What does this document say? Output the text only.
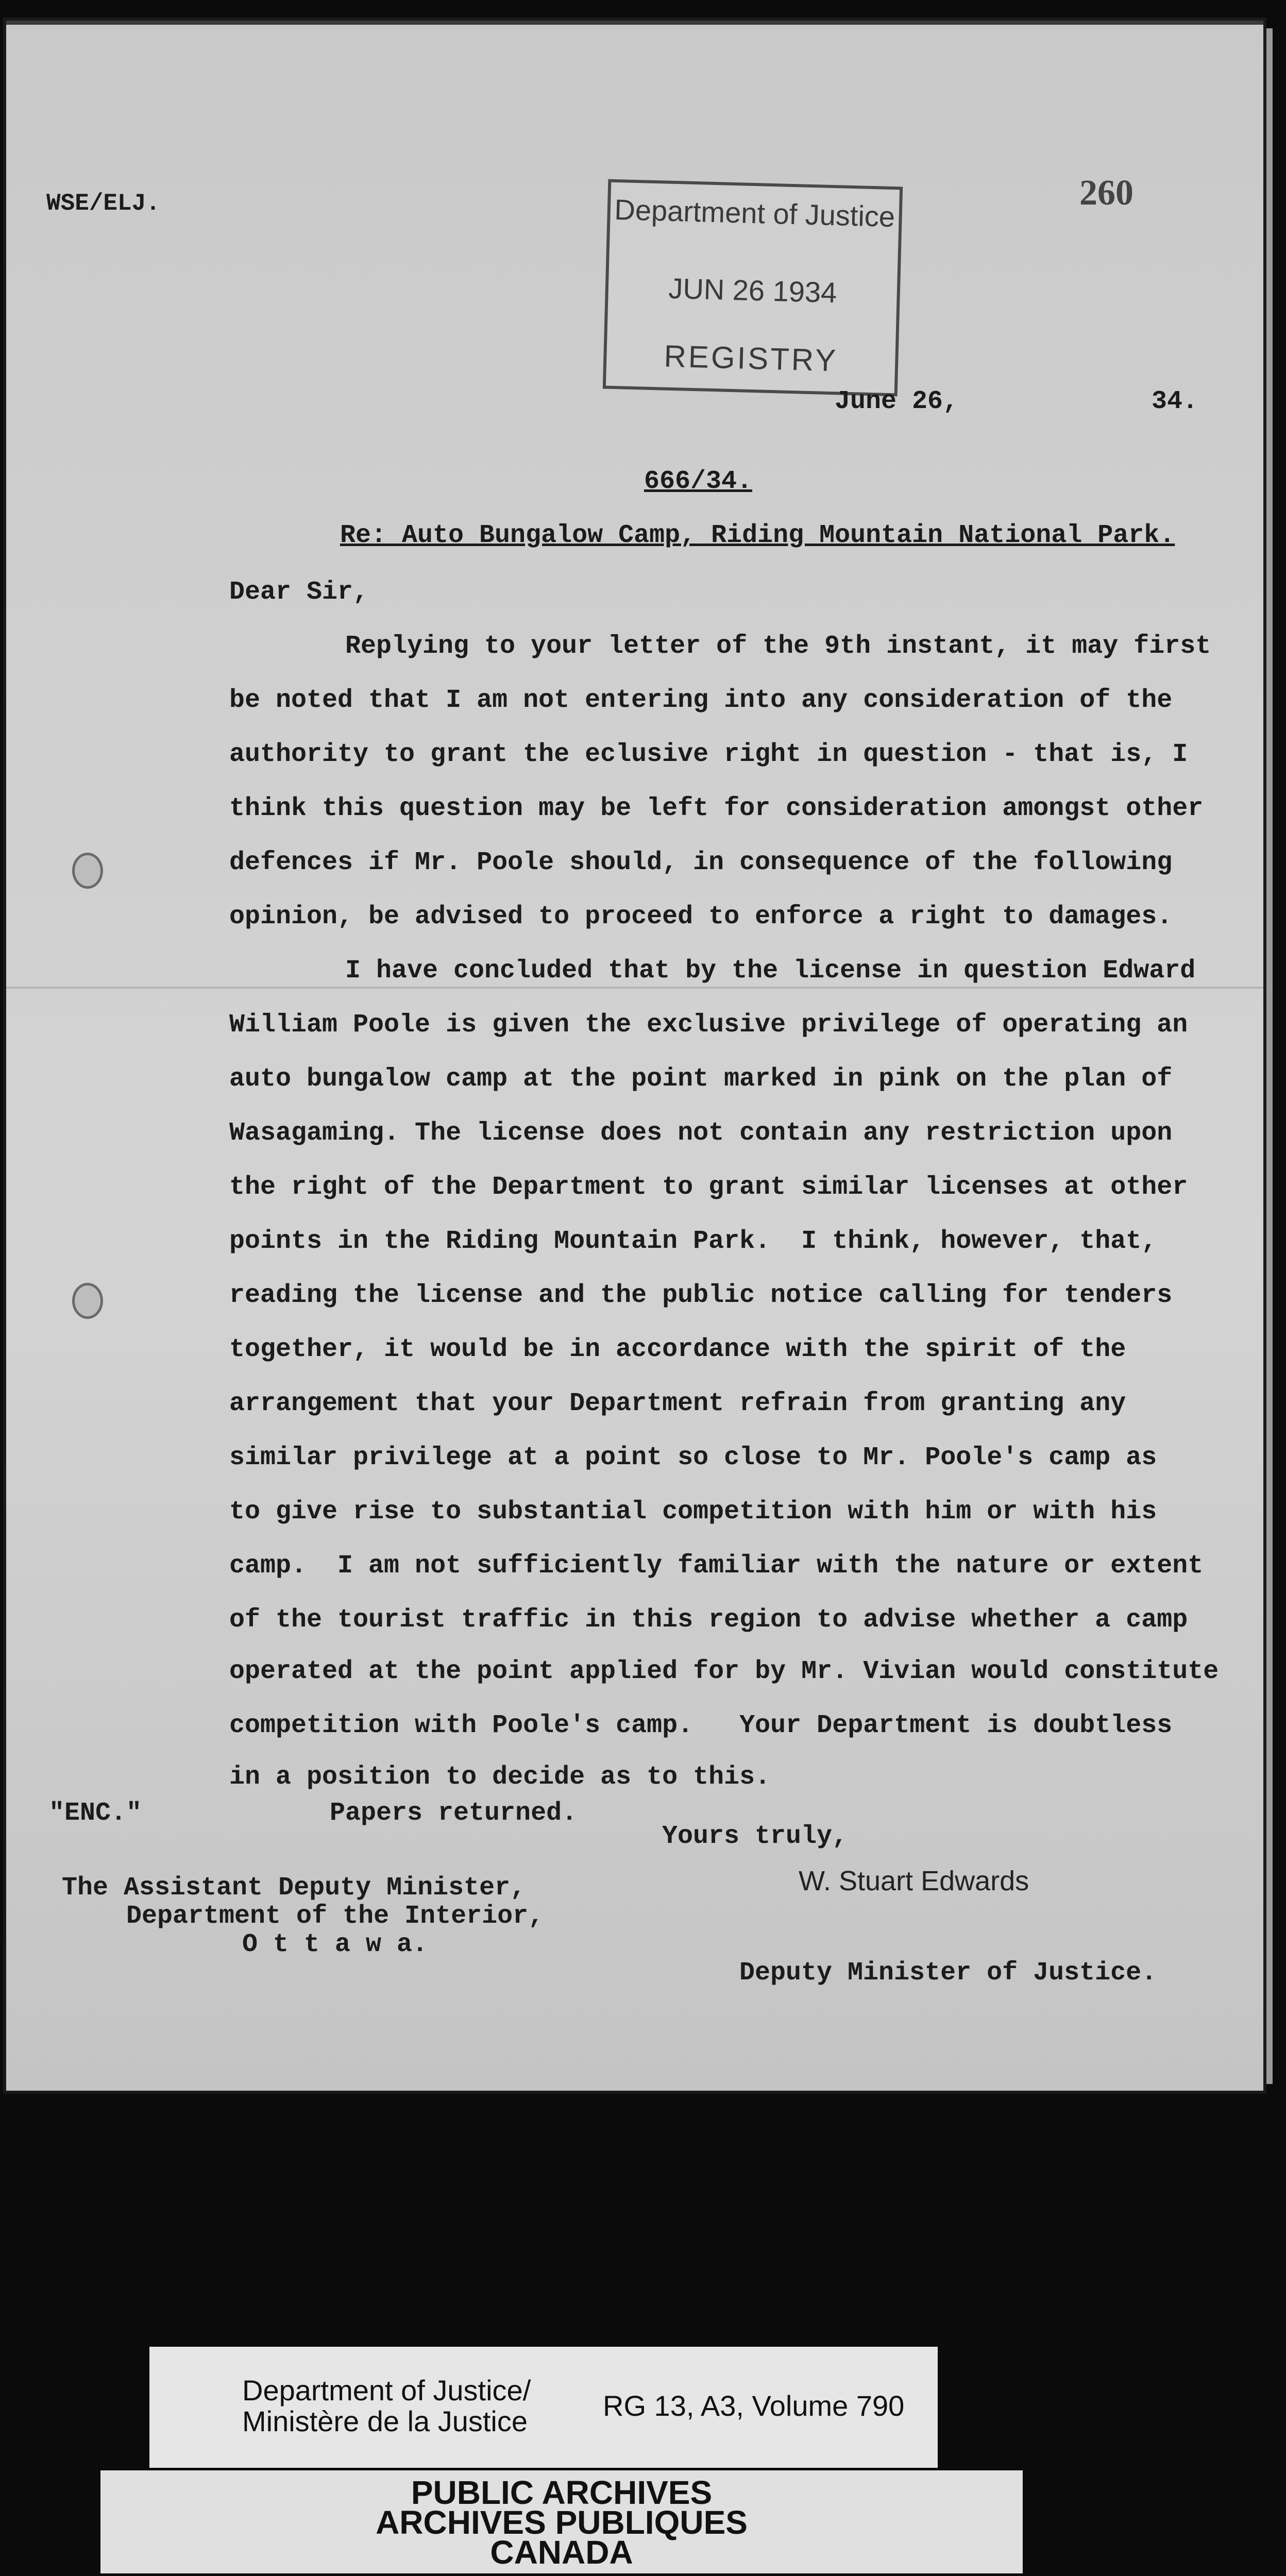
WSE/ELJ.	Department of Justice
JUN 26 1934
REGISTRY
260
June 26,	34.
666/34.
Re: Auto Bungalow Camp, Riding Mountain National Park.
Dear Sir,
Replying to your letter of the 9th instant, it may first
be noted that I am not entering into any consideration of the
authority to grant the eclusive right in question - that is, I
think this question may be left for consideration amongst other
defences if Mr. Poole should, in consequence of the following
opinion, be advised to proceed to enforce a right to damages.
I have concluded that by the license in question Edward
William Poole is given the exclusive privilege of operating an
auto bungalow camp at the point marked in pink on the plan of
Wasagaming. The license does not contain any restriction upon
the right of the Department to grant similar licenses at other
points in the Riding Mountain Park.  I think, however, that,
reading the license and the public notice calling for tenders
together, it would be in accordance with the spirit of the
arrangement that your Department refrain from granting any
similar privilege at a point so close to Mr. Poole's camp as
to give rise to substantial competition with him or with his
camp.  I am not sufficiently familiar with the nature or extent
of the tourist traffic in this region to advise whether a camp
operated at the point applied for by Mr. Vivian would constitute
competition with Poole's camp.   Your Department is doubtless
in a position to decide as to this.
"ENC."	Papers returned.
Yours truly,
W. Stuart Edwards
The Assistant Deputy Minister,
Department of the Interior,
O t t a w a.
Deputy Minister of Justice.
Department of Justice/
Ministère de la Justice	RG 13, A3, Volume 790
PUBLIC ARCHIVES
ARCHIVES PUBLIQUES
CANADA
